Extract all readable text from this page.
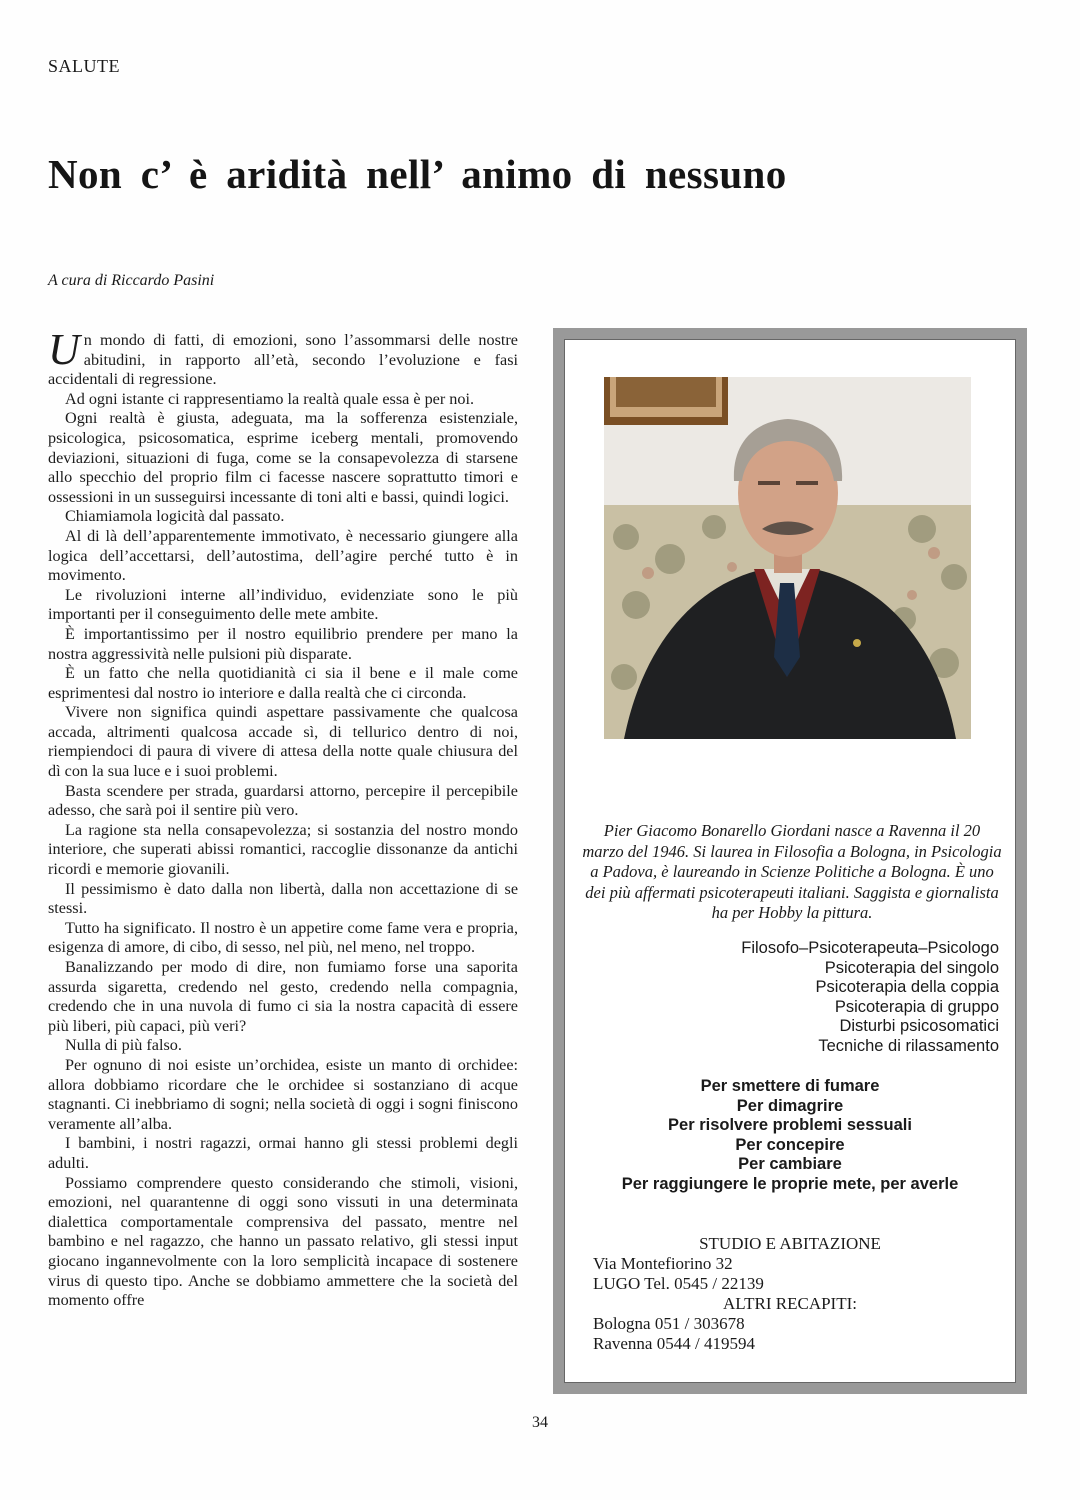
SALUTE
Non c’ è aridità nell’ animo di nessuno
A cura di Riccardo Pasini

Un mondo di fatti, di emozioni, sono l’assommarsi delle nostre abitudini, in rapporto all’età, secondo l’evoluzione e fasi accidentali di regressione.

Ad ogni istante ci rappresentiamo la realtà quale essa è per noi.

Ogni realtà è giusta, adeguata, ma la sofferenza esistenziale, psicologica, psicosomatica, esprime iceberg mentali, promovendo deviazioni, situazioni di fuga, come se la consapevolezza di starsene allo specchio del proprio film ci facesse nascere soprattutto timori e ossessioni in un susseguirsi incessante di toni alti e bassi, quindi logici.

Chiamiamola logicità dal passato.

Al di là dell’apparentemente immotivato, è necessario giungere alla logica dell’accettarsi, dell’autostima, dell’agire perché tutto è in movimento.

Le rivoluzioni interne all’individuo, evidenziate sono le più importanti per il conseguimento delle mete ambite.

È importantissimo per il nostro equilibrio prendere per mano la nostra aggressività nelle pulsioni più disparate.

È un fatto che nella quotidianità ci sia il bene e il male come esprimentesi dal nostro io interiore e dalla realtà che ci circonda.

Vivere non significa quindi aspettare passivamente che qualcosa accada, altrimenti qualcosa accade sì, di tellurico dentro di noi, riempiendoci di paura di vivere di attesa della notte quale chiusura del dì con la sua luce e i suoi problemi.

Basta scendere per strada, guardarsi attorno, percepire il percepibile adesso, che sarà poi il sentire più vero.

La ragione sta nella consapevolezza; si sostanzia del nostro mondo interiore, che superati abissi romantici, raccoglie dissonanze da antichi ricordi e memorie giovanili.

Il pessimismo è dato dalla non libertà, dalla non accettazione di se stessi.

Tutto ha significato. Il nostro è un appetire come fame vera e propria, esigenza di amore, di cibo, di sesso, nel più, nel meno, nel troppo.

Banalizzando per modo di dire, non fumiamo forse una saporita assurda sigaretta, credendo nel gesto, credendo nella compagnia, credendo che in una nuvola di fumo ci sia la nostra capacità di essere più liberi, più capaci, più veri?

Nulla di più falso.

Per ognuno di noi esiste un’orchidea, esiste un manto di orchidee: allora dobbiamo ricordare che le orchidee si sostanziano di acque stagnanti. Ci inebbriamo di sogni; nella società di oggi i sogni finiscono veramente all’alba.

I bambini, i nostri ragazzi, ormai hanno gli stessi problemi degli adulti.

Possiamo comprendere questo considerando che stimoli, visioni, emozioni, nel quarantenne di oggi sono vissuti in una determinata dialettica comportamentale comprensiva del passato, mentre nel bambino e nel ragazzo, che hanno un passato relativo, gli stessi input giocano ingannevolmente con la loro semplicità incapace di sostenere virus di questo tipo. Anche se dobbiamo ammettere che la società del momento offre

Pier Giacomo Bonarello Giordani nasce a Ravenna il 20 marzo del 1946. Si laurea in Filosofia a Bologna, in Psicologia a Padova, è laureando in Scienze Politiche a Bologna. È uno dei più affermati psicoterapeuti italiani. Saggista e giornalista ha per Hobby la pittura.
Filosofo–Psicoterapeuta–Psicologo
Psicoterapia del singolo
Psicoterapia della coppia
Psicoterapia di gruppo
Disturbi psicosomatici
Tecniche di rilassamento
Per smettere di fumare
Per dimagrire
Per risolvere problemi sessuali
Per concepire
Per cambiare
Per raggiungere le proprie mete, per averle
STUDIO E ABITAZIONE
Via Montefiorino 32
LUGO Tel. 0545 / 22139
ALTRI RECAPITI:
Bologna 051 / 303678
Ravenna 0544 / 419594
34
